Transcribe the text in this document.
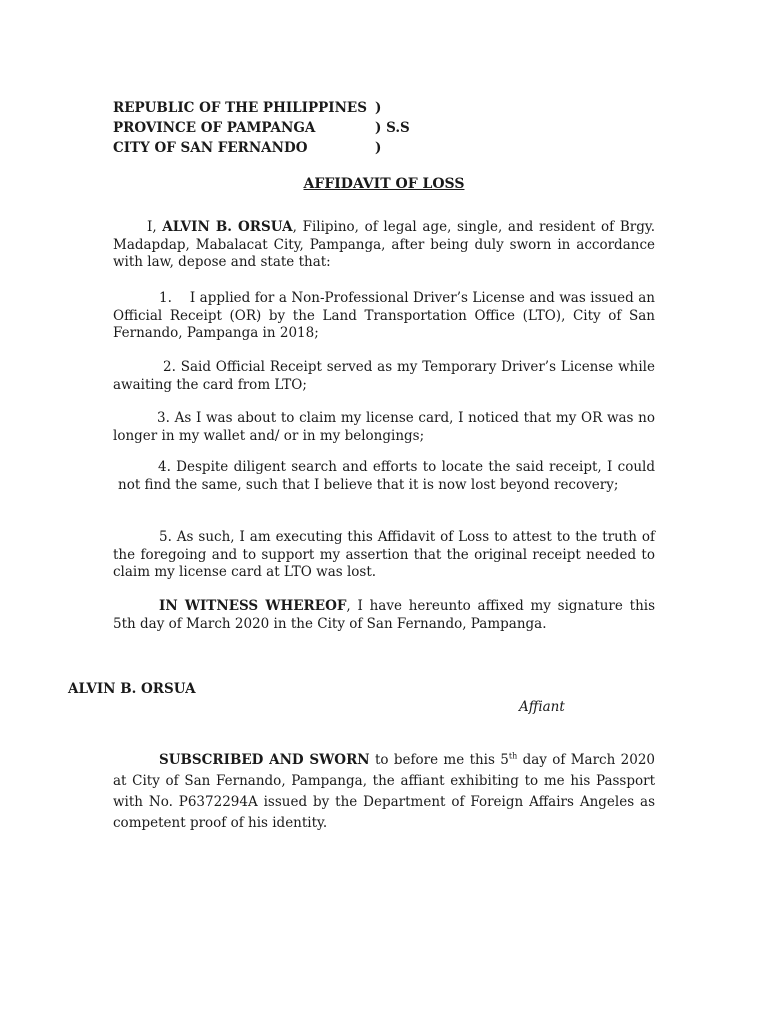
REPUBLIC OF THE PHILIPPINES )
PROVINCE OF PAMPANGA	) S.S
CITY OF SAN FERNANDO	)
AFFIDAVIT OF LOSS
I, ALVIN B. ORSUA, Filipino, of legal age, single, and resident of Brgy. Madapdap, Mabalacat City, Pampanga, after being duly sworn in accordance with law, depose and state that:
1.    I applied for a Non-Professional Driver’s License and was issued an Official Receipt (OR) by the Land Transportation Office (LTO), City of San Fernando, Pampanga in 2018;
2. Said Official Receipt served as my Temporary Driver’s License while awaiting the card from LTO;
3. As I was about to claim my license card, I noticed that my OR was no longer in my wallet and/ or in my belongings;
4. Despite diligent search and efforts to locate the said receipt, I could not find the same, such that I believe that it is now lost beyond recovery;
5. As such, I am executing this Affidavit of Loss to attest to the truth of the foregoing and to support my assertion that the original receipt needed to claim my license card at LTO was lost.
IN WITNESS WHEREOF, I have hereunto affixed my signature this 5th day of March 2020 in the City of San Fernando, Pampanga.
ALVIN B. ORSUA
Affiant
SUBSCRIBED AND SWORN to before me this 5th day of March 2020 at City of San Fernando, Pampanga, the affiant exhibiting to me his Passport with No. P6372294A issued by the Department of Foreign Affairs Angeles as competent proof of his identity.
